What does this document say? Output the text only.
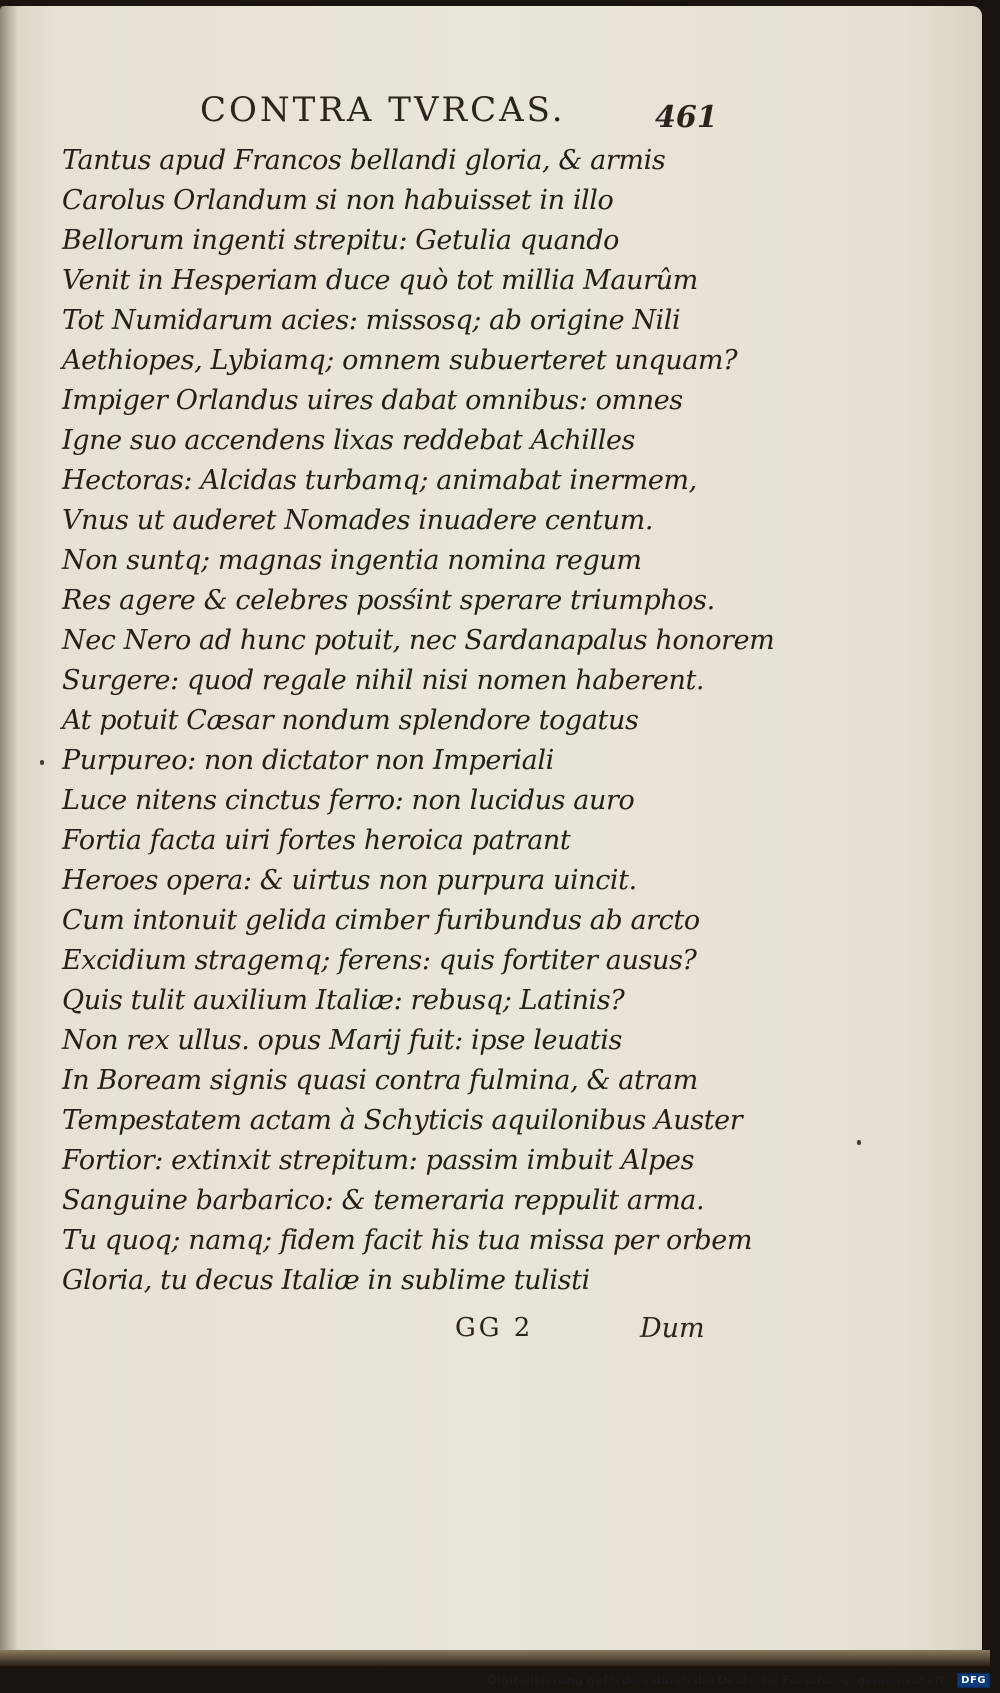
CONTRA TVRCAS.	461
Tantus apud Francos bellandi gloria, & armis
Carolus Orlandum si non habuisset in illo
Bellorum ingenti strepitu: Getulia quando
Venit in Hesperiam duce quò tot millia Maurûm
Tot Numidarum acies: missosq; ab origine Nili
Aethiopes, Lybiamq; omnem subuerteret unquam?
Impiger Orlandus uires dabat omnibus: omnes
Igne suo accendens lixas reddebat Achilles
Hectoras: Alcidas turbamq; animabat inermem,
Vnus ut auderet Nomades inuadere centum.
Non suntq; magnas ingentia nomina regum
Res agere & celebres posśint sperare triumphos.
Nec Nero ad hunc potuit, nec Sardanapalus honorem
Surgere: quod regale nihil nisi nomen haberent.
At potuit Cæsar nondum splendore togatus
Purpureo: non dictator non Imperiali
Luce nitens cinctus ferro: non lucidus auro
Fortia facta uiri fortes heroica patrant
Heroes opera: & uirtus non purpura uincit.
Cum intonuit gelida cimber furibundus ab arcto
Excidium stragemq; ferens: quis fortiter ausus?
Quis tulit auxilium Italiæ: rebusq; Latinis?
Non rex ullus. opus Marij fuit: ipse leuatis
In Boream signis quasi contra fulmina, & atram
Tempestatem actam à Schyticis aquilonibus Auster
Fortior: extinxit strepitum: passim imbuit Alpes
Sanguine barbarico: & temeraria reppulit arma.
Tu quoq; namq; fidem facit his tua missa per orbem
Gloria, tu decus Italiæ in sublime tulisti
GG 2	Dum
Digitalisierung gefördert durch die Deutsche Forschungsgemeinschaft · DFG
